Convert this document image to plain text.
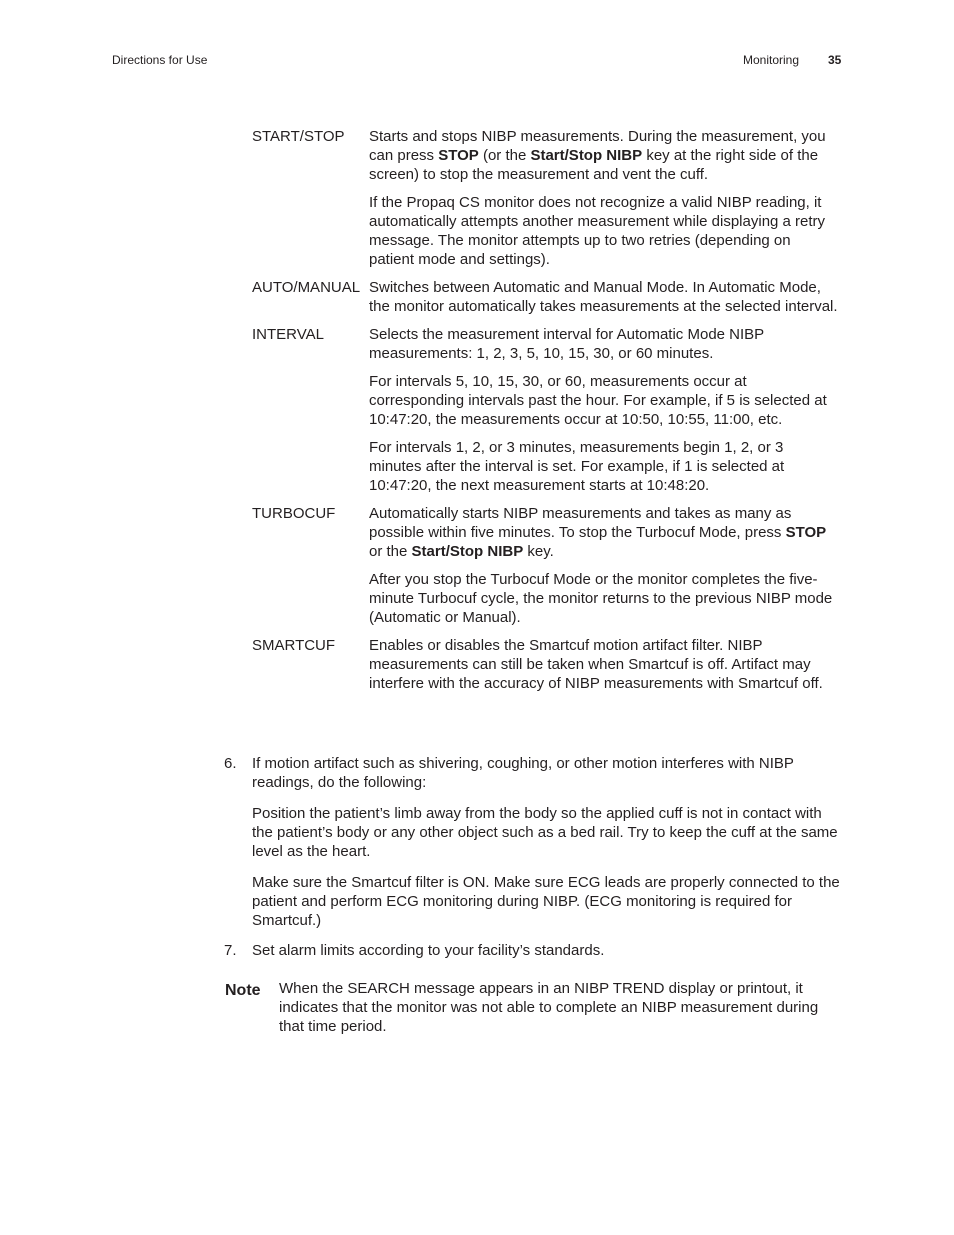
Directions for Use	Monitoring 35
START/STOP	Starts and stops NIBP measurements. During the measurement, you can press STOP (or the Start/Stop NIBP key at the right side of the screen) to stop the measurement and vent the cuff.

If the Propaq CS monitor does not recognize a valid NIBP reading, it automatically attempts another measurement while displaying a retry message. The monitor attempts up to two retries (depending on patient mode and settings).

AUTO/MANUAL Switches between Automatic and Manual Mode. In Automatic Mode, the monitor automatically takes measurements at the selected interval.

INTERVAL	Selects the measurement interval for Automatic Mode NIBP measurements: 1, 2, 3, 5, 10, 15, 30, or 60 minutes.

For intervals 5, 10, 15, 30, or 60, measurements occur at corresponding intervals past the hour. For example, if 5 is selected at 10:47:20, the measurements occur at 10:50, 10:55, 11:00, etc.

For intervals 1, 2, or 3 minutes, measurements begin 1, 2, or 3 minutes after the interval is set. For example, if 1 is selected at 10:47:20, the next measurement starts at 10:48:20.

TURBOCUF	Automatically starts NIBP measurements and takes as many as possible within five minutes. To stop the Turbocuf Mode, press STOP or the Start/Stop NIBP key.

After you stop the Turbocuf Mode or the monitor completes the five-minute Turbocuf cycle, the monitor returns to the previous NIBP mode (Automatic or Manual).

SMARTCUF	Enables or disables the Smartcuf motion artifact filter. NIBP measurements can still be taken when Smartcuf is off. Artifact may interfere with the accuracy of NIBP measurements with Smartcuf off.

6. If motion artifact such as shivering, coughing, or other motion interferes with NIBP readings, do the following:

Position the patient’s limb away from the body so the applied cuff is not in contact with the patient’s body or any other object such as a bed rail. Try to keep the cuff at the same level as the heart.

Make sure the Smartcuf filter is ON. Make sure ECG leads are properly connected to the patient and perform ECG monitoring during NIBP. (ECG monitoring is required for Smartcuf.)

7. Set alarm limits according to your facility’s standards.

Note When the SEARCH message appears in an NIBP TREND display or printout, it indicates that the monitor was not able to complete an NIBP measurement during that time period.
